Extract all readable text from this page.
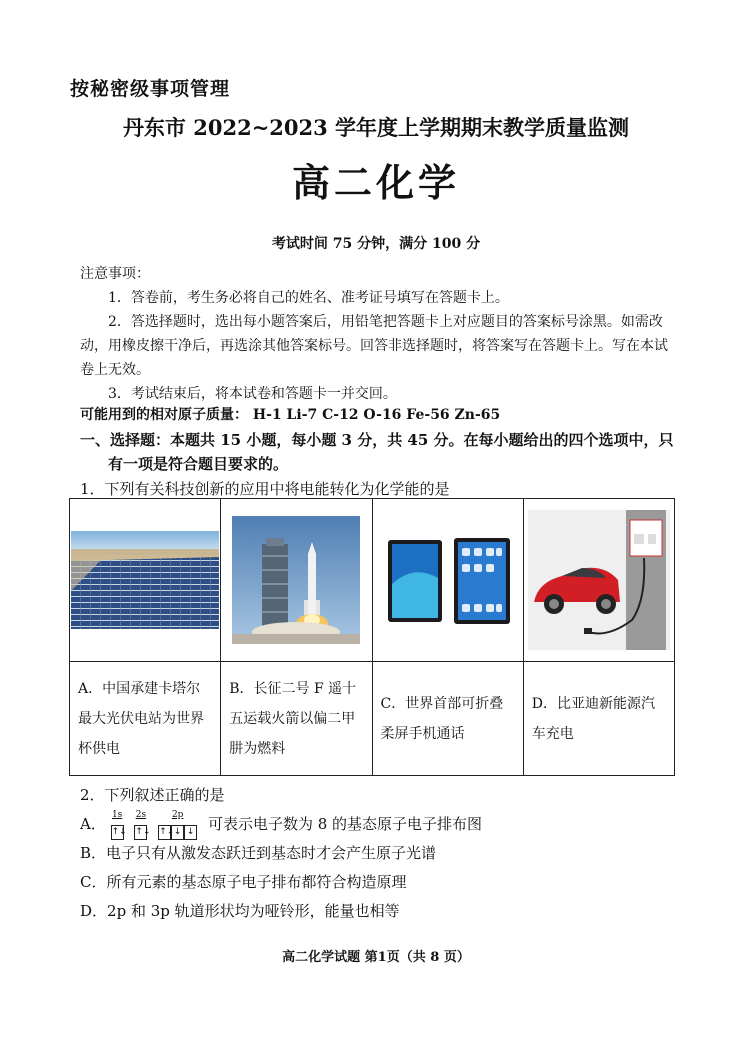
按秘密级事项管理
丹东市 2022~2023 学年度上学期期末教学质量监测
高二化学
考试时间 75 分钟，满分 100 分

注意事项：

1．答卷前，考生务必将自己的姓名、准考证号填写在答题卡上。

2．答选择题时，选出每小题答案后，用铅笔把答题卡上对应题目的答案标号涂黑。如需改动，用橡皮擦干净后，再选涂其他答案标号。回答非选择题时，将答案写在答题卡上。写在本试卷上无效。

3．考试结束后，将本试卷和答题卡一并交回。

可能用到的相对原子质量： H-1 Li-7 C-12 O-16 Fe-56 Zn-65
一、选择题：本题共 15 小题，每小题 3 分，共 45 分。在每小题给出的四个选项中，只
有一项是符合题目要求的。
1．下列有关科技创新的应用中将电能转化为化学能的是

A．中国承建卡塔尔最大光伏电站为世界杯供电	B．长征二号 F 遥十五运载火箭以偏二甲肼为燃料	C．世界首部可折叠柔屏手机通话	D．比亚迪新能源汽车充电
2．下列叙述正确的是
A． 1s
↑↓
2s
↑↓
2p
↑↓↓ ↓ 可表示电子数为 8 的基态原子电子排布图
B．电子只有从激发态跃迁到基态时才会产生原子光谱
C．所有元素的基态原子电子排布都符合构造原理
D．2p 和 3p 轨道形状均为哑铃形，能量也相等
高二化学试题 第1页（共 8 页）
